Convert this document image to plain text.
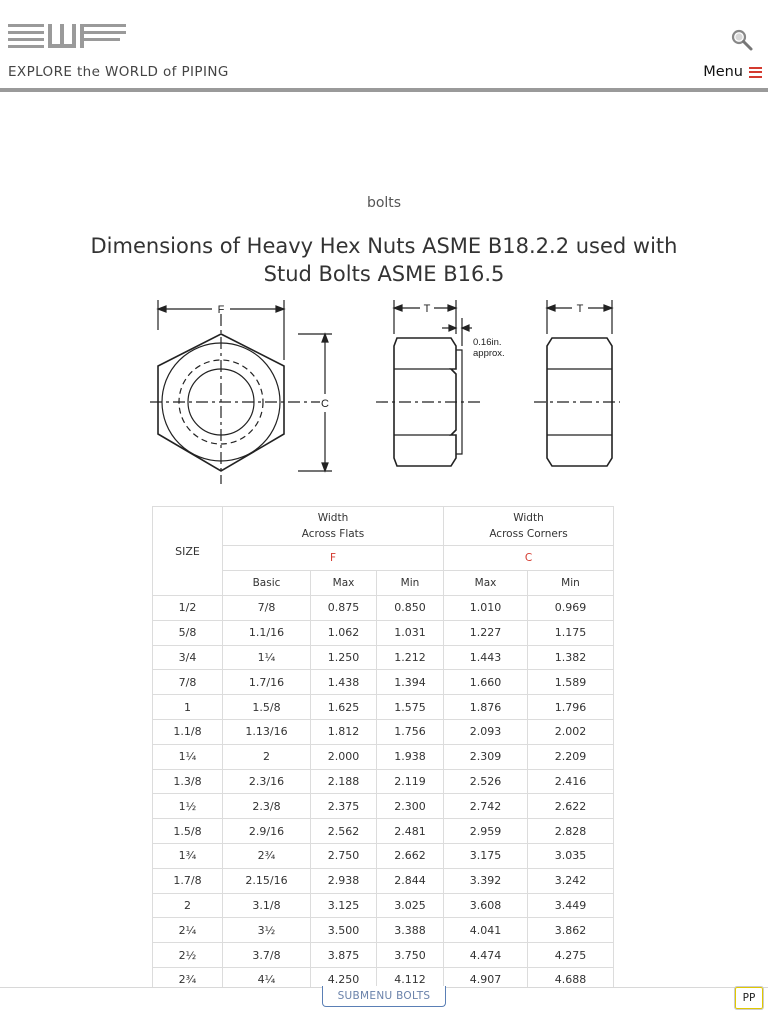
EXPLORE the WORLD of PIPING	Menu
bolts
Dimensions of Heavy Hex Nuts ASME B18.2.2 used with Stud Bolts ASME B16.5
F
C
T	T
0.16in.
approx.
SIZE	Width
Across Flats			Width
Across Corners	
	F			C	
	Basic	Max	Min	Max	Min
1/2	7/8	0.875	0.850	1.010	0.969
5/8	1.1/16	1.062	1.031	1.227	1.175
3/4	1¼	1.250	1.212	1.443	1.382
7/8	1.7/16	1.438	1.394	1.660	1.589
1	1.5/8	1.625	1.575	1.876	1.796
1.1/8	1.13/16	1.812	1.756	2.093	2.002
1¼	2	2.000	1.938	2.309	2.209
1.3/8	2.3/16	2.188	2.119	2.526	2.416
1½	2.3/8	2.375	2.300	2.742	2.622
1.5/8	2.9/16	2.562	2.481	2.959	2.828
1¾	2¾	2.750	2.662	3.175	3.035
1.7/8	2.15/16	2.938	2.844	3.392	3.242
2	3.1/8	3.125	3.025	3.608	3.449
2¼	3½	3.500	3.388	4.041	3.862
2½	3.7/8	3.875	3.750	4.474	4.275
2¾	4¼	4.250	4.112	4.907	4.688
SUBMENU BOLTS	PP
